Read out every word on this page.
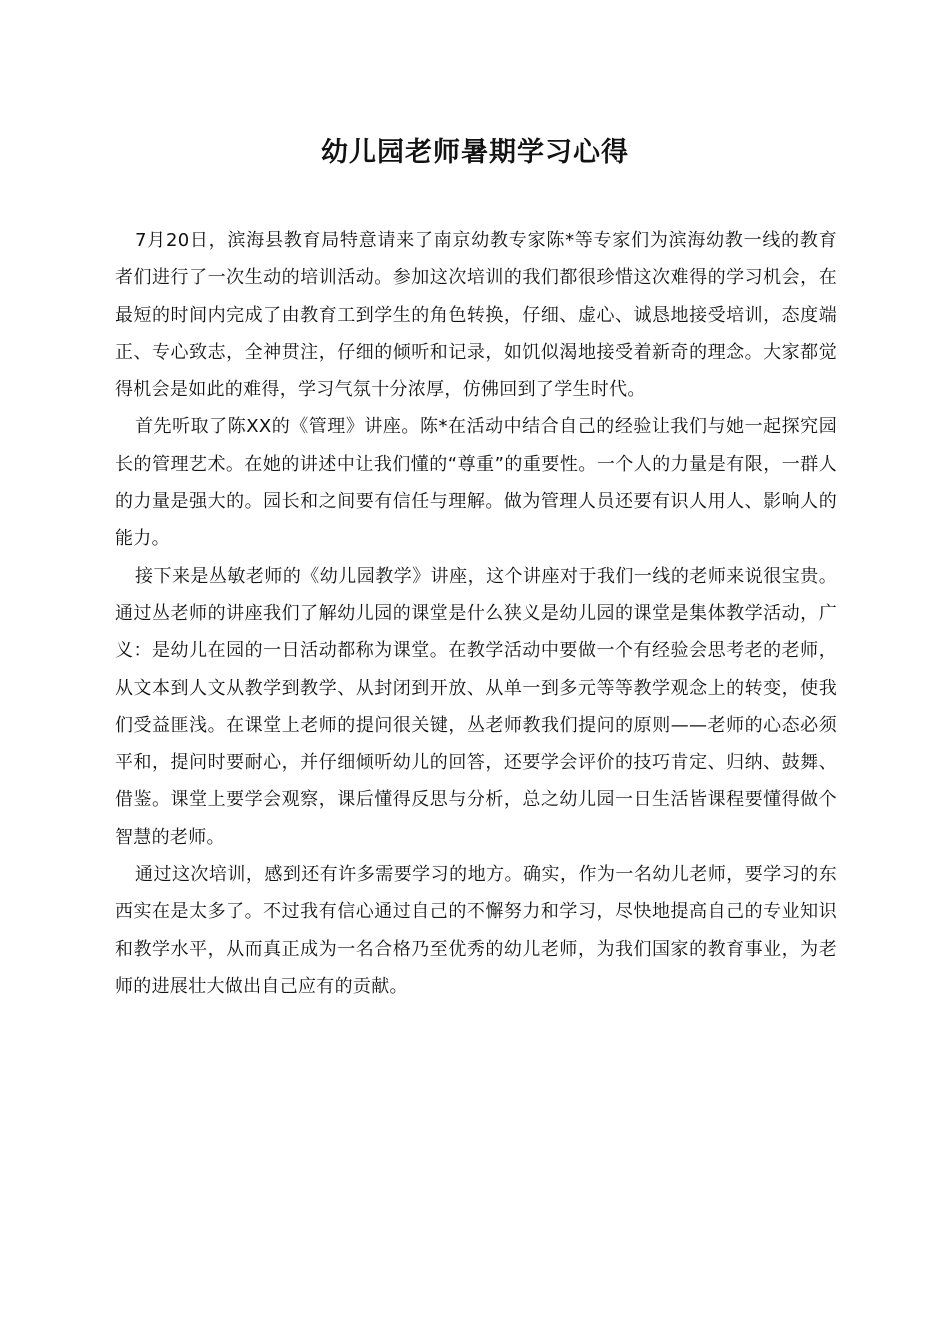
幼儿园老师暑期学习心得

7月20日，滨海县教育局特意请来了南京幼教专家陈*等专家们为滨海幼教一线的教育者们进行了一次生动的培训活动。参加这次培训的我们都很珍惜这次难得的学习机会，在最短的时间内完成了由教育工到学生的角色转换，仔细、虚心、诚恳地接受培训，态度端正、专心致志，全神贯注，仔细的倾听和记录，如饥似渴地接受着新奇的理念。大家都觉得机会是如此的难得，学习气氛十分浓厚，仿佛回到了学生时代。

首先听取了陈XX的《管理》讲座。陈*在活动中结合自己的经验让我们与她一起探究园长的管理艺术。在她的讲述中让我们懂的“尊重”的重要性。一个人的力量是有限，一群人的力量是强大的。园长和之间要有信任与理解。做为管理人员还要有识人用人、影响人的能力。

接下来是丛敏老师的《幼儿园教学》讲座，这个讲座对于我们一线的老师来说很宝贵。通过丛老师的讲座我们了解幼儿园的课堂是什么狭义是幼儿园的课堂是集体教学活动，广义：是幼儿在园的一日活动都称为课堂。在教学活动中要做一个有经验会思考老的老师，从文本到人文从教学到教学、从封闭到开放、从单一到多元等等教学观念上的转变，使我们受益匪浅。在课堂上老师的提问很关键，丛老师教我们提问的原则——老师的心态必须平和，提问时要耐心，并仔细倾听幼儿的回答，还要学会评价的技巧肯定、归纳、鼓舞、借鉴。课堂上要学会观察，课后懂得反思与分析，总之幼儿园一日生活皆课程要懂得做个智慧的老师。

通过这次培训，感到还有许多需要学习的地方。确实，作为一名幼儿老师，要学习的东西实在是太多了。不过我有信心通过自己的不懈努力和学习，尽快地提高自己的专业知识和教学水平，从而真正成为一名合格乃至优秀的幼儿老师，为我们国家的教育事业，为老师的进展壮大做出自己应有的贡献。
